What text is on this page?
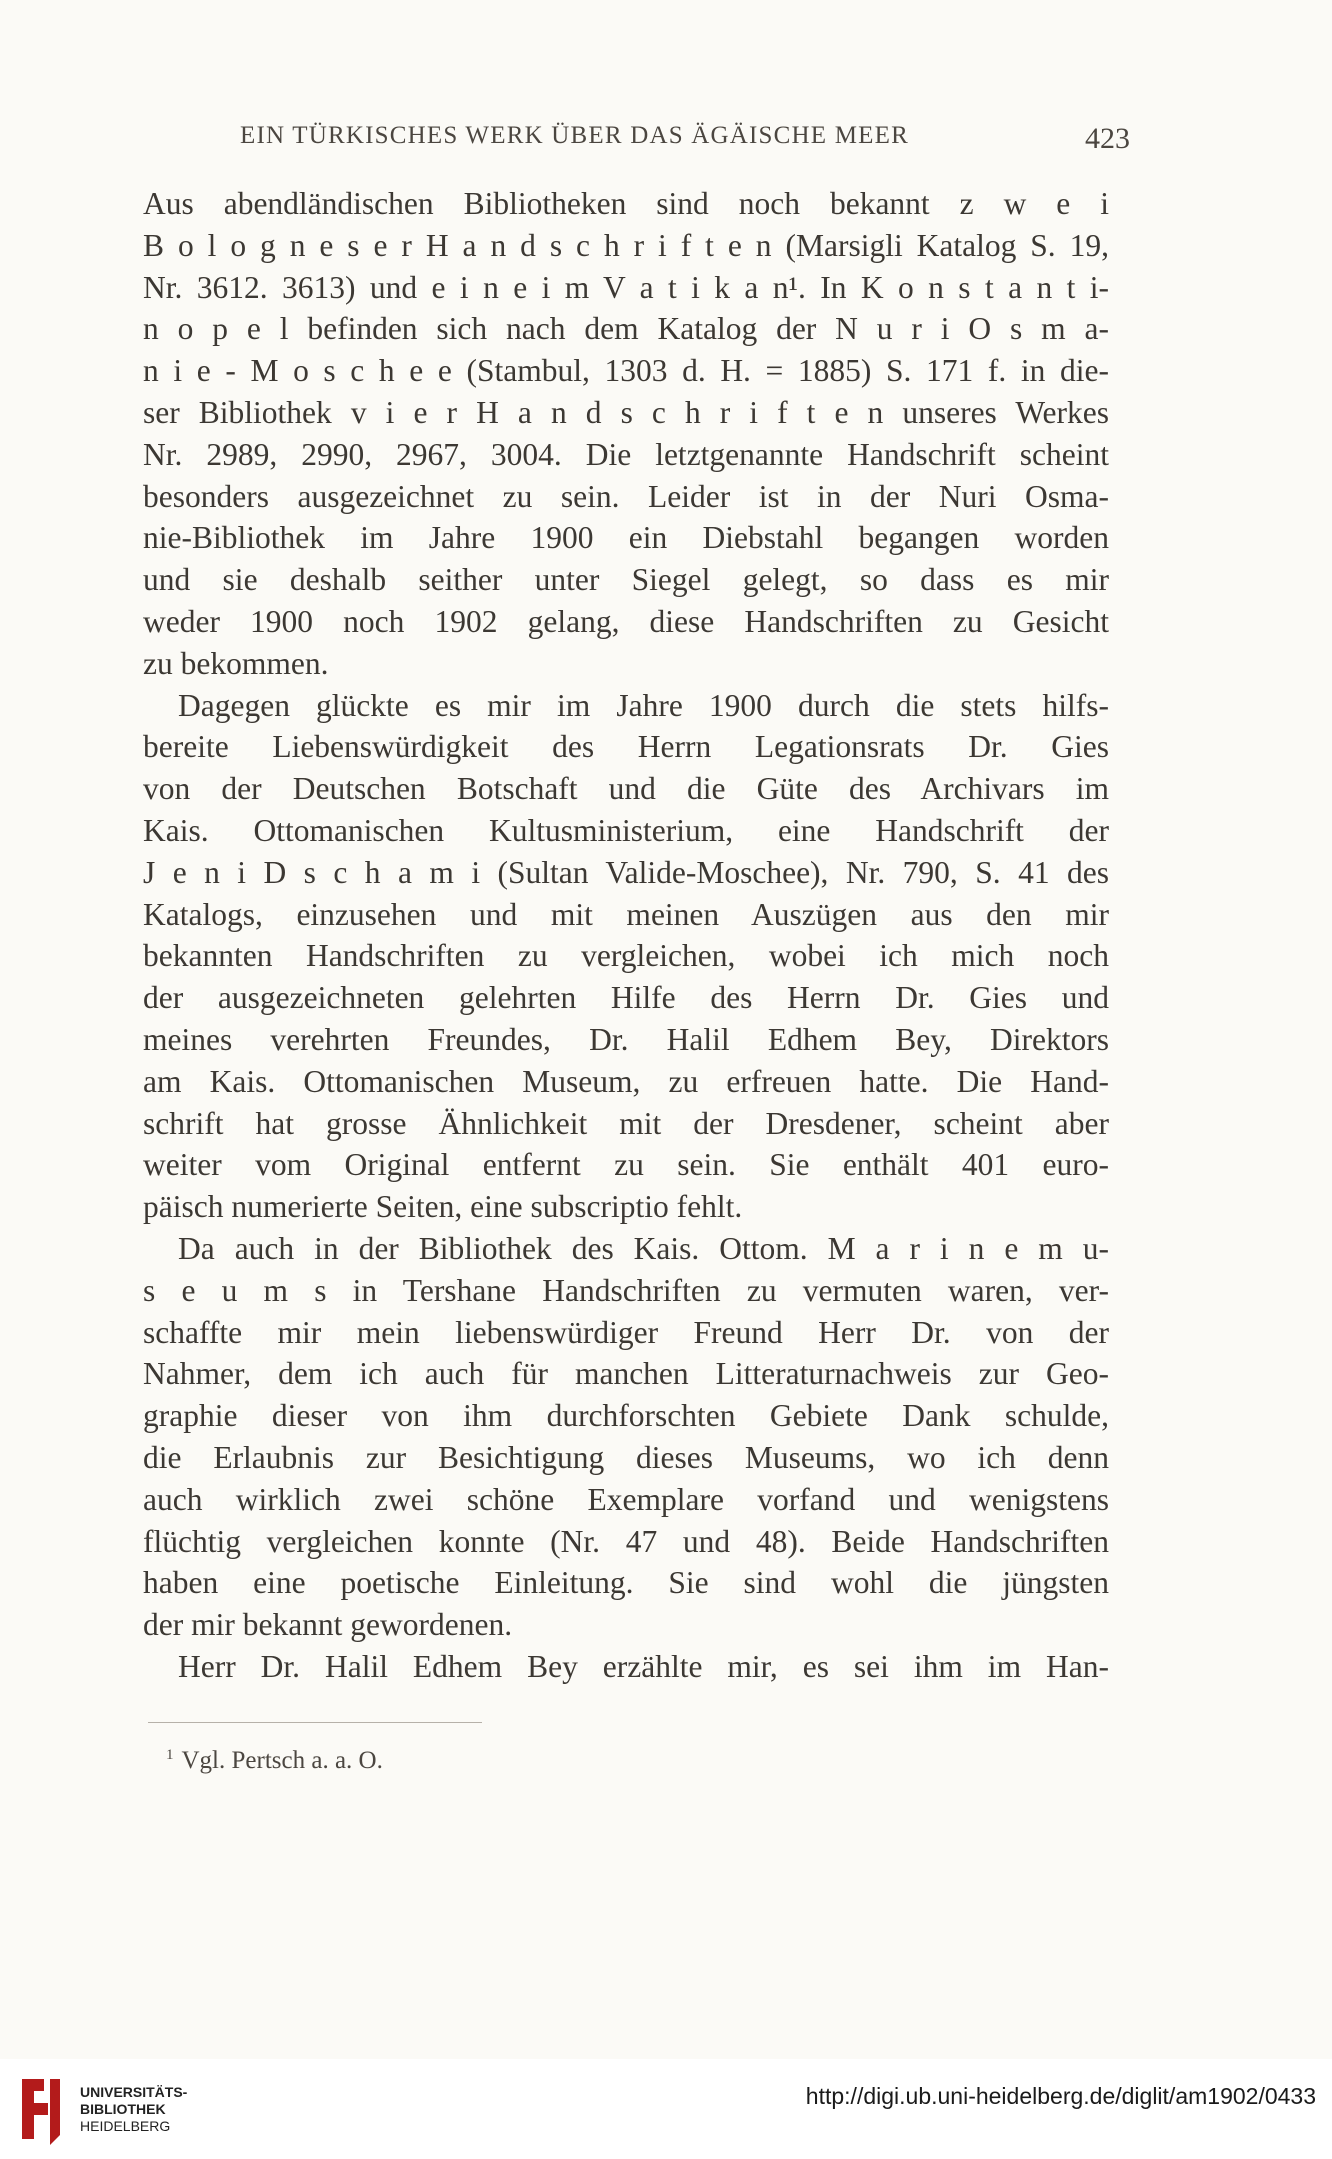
EIN TÜRKISCHES WERK ÜBER DAS ÄGÄISCHE MEER	423
Aus abendländischen Bibliotheken sind noch bekannt z w e i
B o l o g n e s e r H a n d s c h r i f t e n (Marsigli Katalog S. 19,
Nr. 3612. 3613) und e i n e i m V a t i k a n¹. In K o n s t a n t i-
n o p e l befinden sich nach dem Katalog der N u r i O s m a-
n i e - M o s c h e e (Stambul, 1303 d. H. = 1885) S. 171 f. in die-
ser Bibliothek v i e r H a n d s c h r i f t e n unseres Werkes
Nr. 2989, 2990, 2967, 3004. Die letztgenannte Handschrift scheint
besonders ausgezeichnet zu sein. Leider ist in der Nuri Osma-
nie-Bibliothek im Jahre 1900 ein Diebstahl begangen worden
und sie deshalb seither unter Siegel gelegt, so dass es mir
weder 1900 noch 1902 gelang, diese Handschriften zu Gesicht
zu bekommen.
Dagegen glückte es mir im Jahre 1900 durch die stets hilfs-
bereite Liebenswürdigkeit des Herrn Legationsrats Dr. Gies
von der Deutschen Botschaft und die Güte des Archivars im
Kais. Ottomanischen Kultusministerium, eine Handschrift der
J e n i D s c h a m i (Sultan Valide-Moschee), Nr. 790, S. 41 des
Katalogs, einzusehen und mit meinen Auszügen aus den mir
bekannten Handschriften zu vergleichen, wobei ich mich noch
der ausgezeichneten gelehrten Hilfe des Herrn Dr. Gies und
meines verehrten Freundes, Dr. Halil Edhem Bey, Direktors
am Kais. Ottomanischen Museum, zu erfreuen hatte. Die Hand-
schrift hat grosse Ähnlichkeit mit der Dresdener, scheint aber
weiter vom Original entfernt zu sein. Sie enthält 401 euro-
päisch numerierte Seiten, eine subscriptio fehlt.
Da auch in der Bibliothek des Kais. Ottom. M a r i n e m u-
s e u m s in Tershane Handschriften zu vermuten waren, ver-
schaffte mir mein liebenswürdiger Freund Herr Dr. von der
Nahmer, dem ich auch für manchen Litteraturnachweis zur Geo-
graphie dieser von ihm durchforschten Gebiete Dank schulde,
die Erlaubnis zur Besichtigung dieses Museums, wo ich denn
auch wirklich zwei schöne Exemplare vorfand und wenigstens
flüchtig vergleichen konnte (Nr. 47 und 48). Beide Handschriften
haben eine poetische Einleitung. Sie sind wohl die jüngsten
der mir bekannt gewordenen.
Herr Dr. Halil Edhem Bey erzählte mir, es sei ihm im Han-
$^1$ Vgl. Pertsch a. a. O.
UNIVERSITÄTS-
BIBLIOTHEK
HEIDELBERG
http://digi.ub.uni-heidelberg.de/diglit/am1902/0433
